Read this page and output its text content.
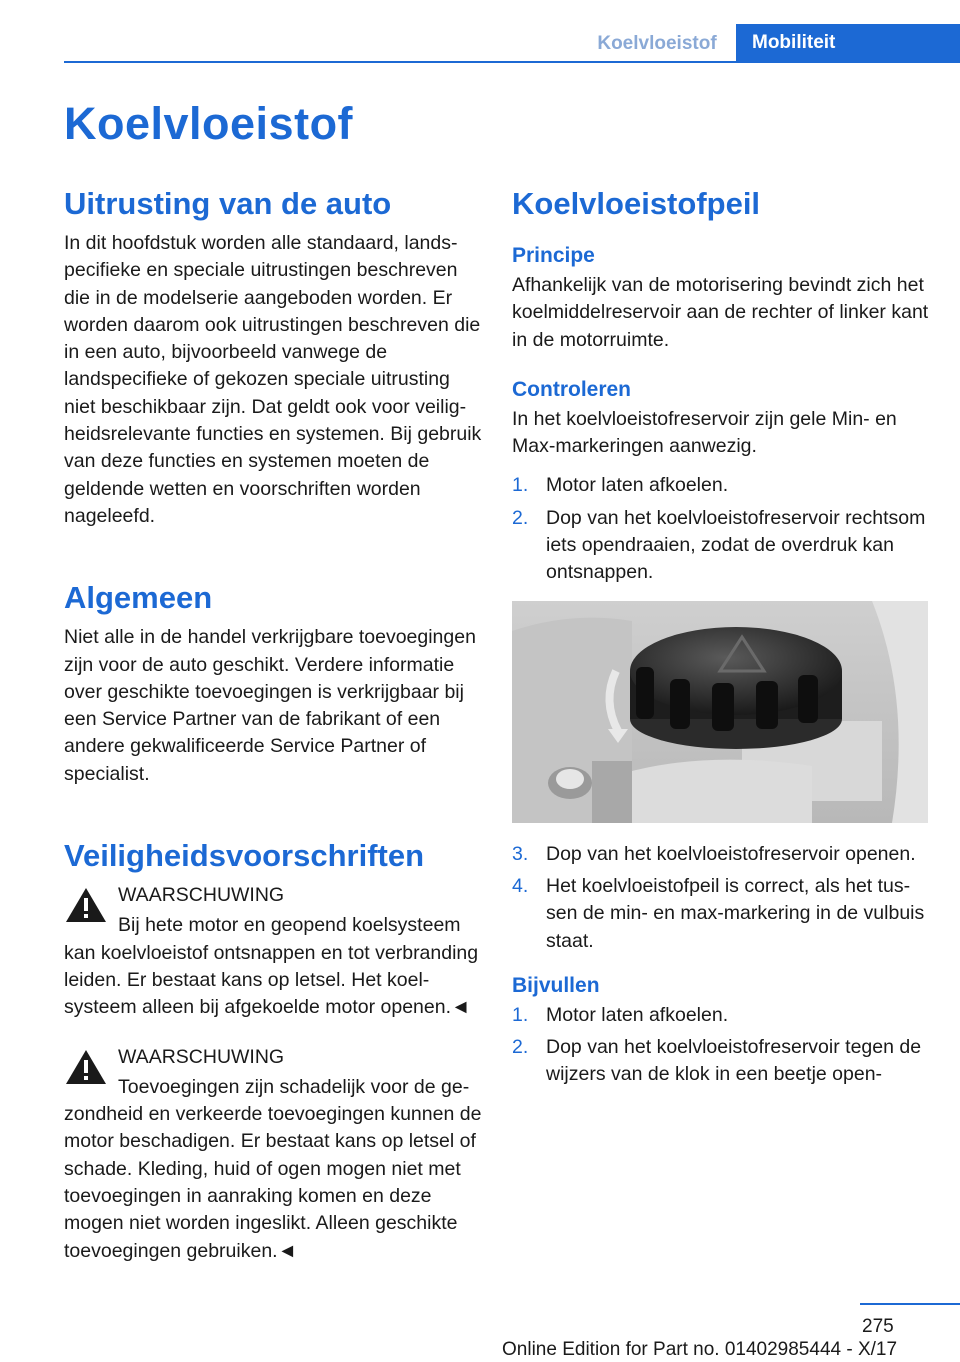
Koelvloeistof	Mobiliteit
Koelvloeistof
Uitrusting van de auto

In dit hoofdstuk worden alle standaard, landspecifieke en speciale uitrustingen beschreven die in de modelserie aangeboden worden. Er worden daarom ook uitrustingen beschreven die in een auto, bijvoorbeeld vanwege de landspecifieke of gekozen speciale uitrusting niet beschikbaar zijn. Dat geldt ook voor veiligheidsrelevante functies en systemen. Bij gebruik van deze functies en systemen moeten de geldende wetten en voorschriften worden nageleefd.

Algemeen

Niet alle in de handel verkrijgbare toevoegingen zijn voor de auto geschikt. Verdere informatie over geschikte toevoegingen is verkrijgbaar bij een Service Partner van de fabrikant of een andere gekwalificeerde Service Partner of specialist.

Veiligheidsvoorschriften
WAARSCHUWING

Bij hete motor en geopend koelsysteem kan koelvloeistof ontsnappen en tot verbranding leiden. Er bestaat kans op letsel. Het koelsysteem alleen bij afgekoelde motor openen.◄

WAARSCHUWING

Toevoegingen zijn schadelijk voor de gezondheid en verkeerde toevoegingen kunnen de motor beschadigen. Er bestaat kans op letsel of schade. Kleding, huid of ogen mogen niet met toevoegingen in aanraking komen en deze mogen niet worden ingeslikt. Alleen geschikte toevoegingen gebruiken.◄

Koelvloeistofpeil
Principe

Afhankelijk van de motorisering bevindt zich het koelmiddelreservoir aan de rechter of linker kant in de motorruimte.

Controleren

In het koelvloeistofreservoir zijn gele Min- en Max-markeringen aanwezig.

1. Motor laten afkoelen.
2. Dop van het koelvloeistofreservoir rechtsom iets opendraaien, zodat de overdruk kan ontsnappen.
3. Dop van het koelvloeistofreservoir openen.
4. Het koelvloeistofpeil is correct, als het tussen de min- en max-markering in de vulbuis staat.
Bijvullen
1. Motor laten afkoelen.
2. Dop van het koelvloeistofreservoir tegen de wijzers van de klok in een beetje open-
275
Online Edition for Part no. 01402985444 - X/17
